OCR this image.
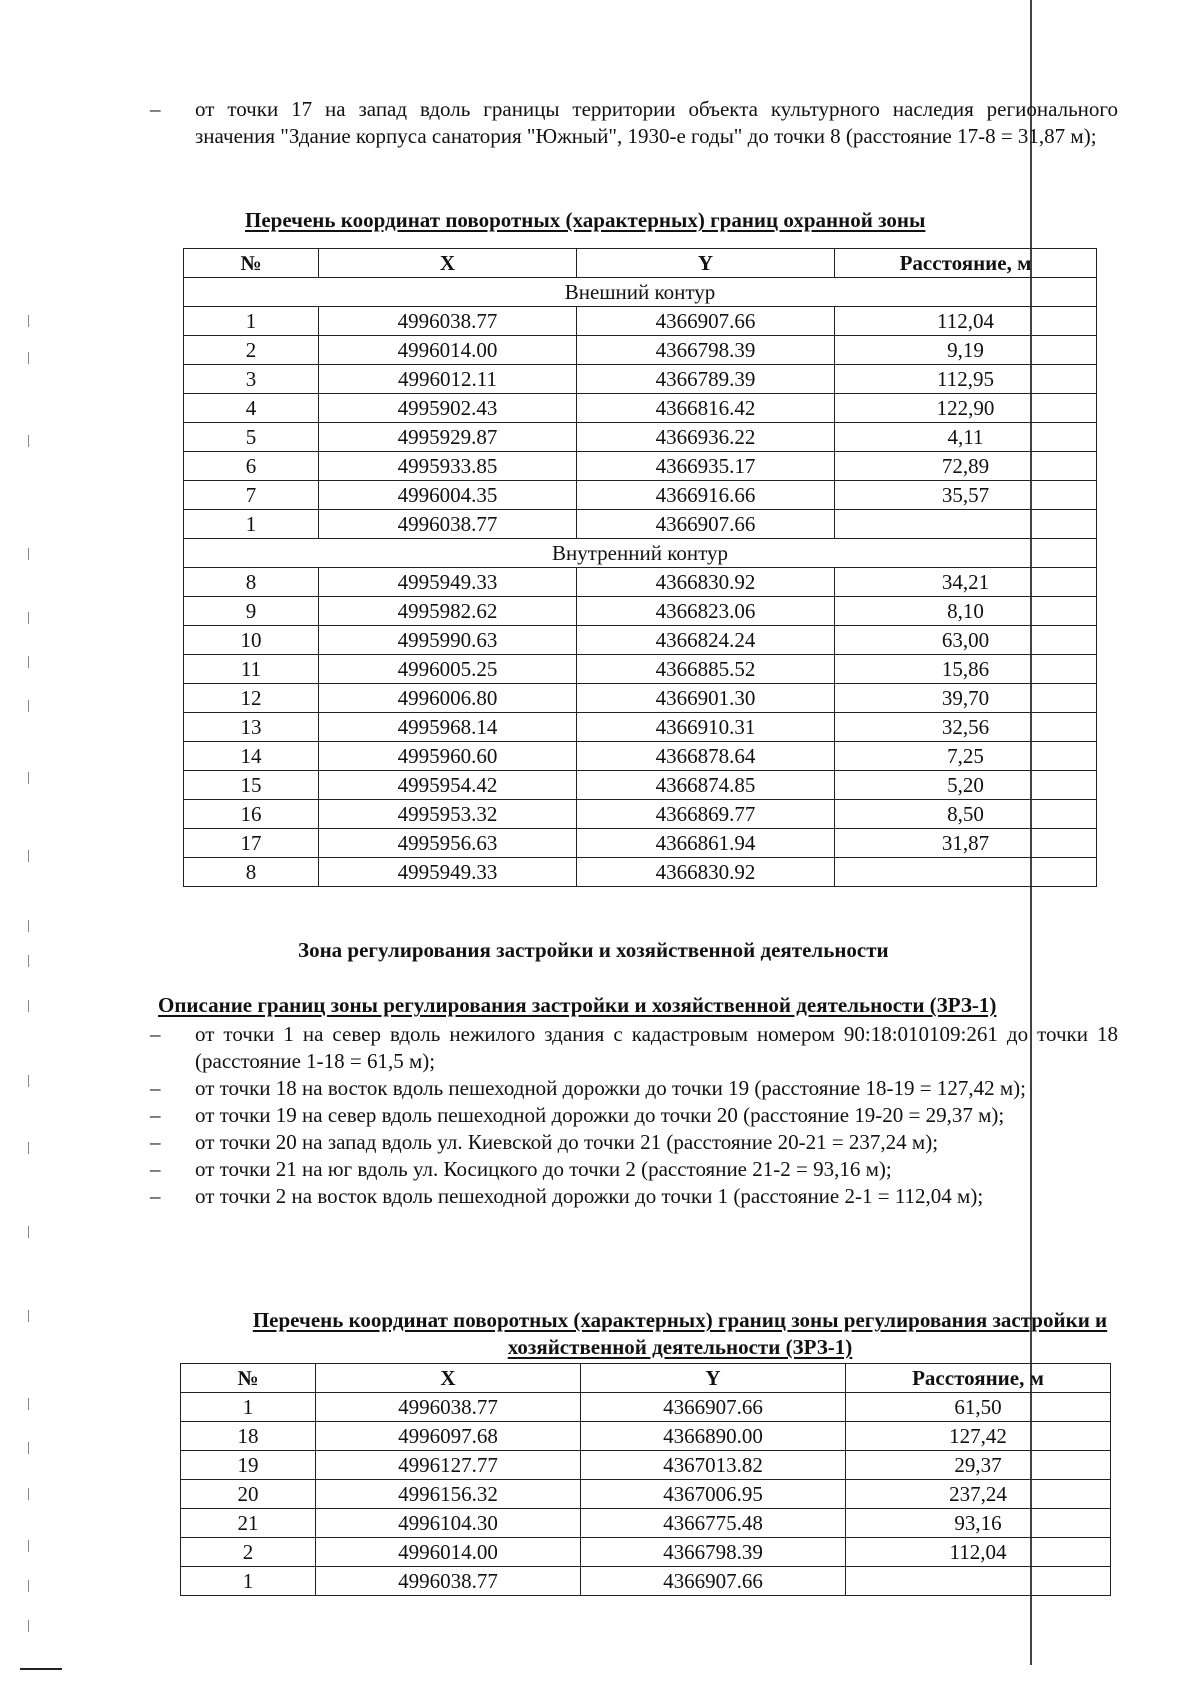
– от точки 17 на запад вдоль границы территории объекта культурного наследия регионального значения "Здание корпуса санатория "Южный", 1930-е годы" до точки 8 (расстояние 17-8 = 31,87 м);
Перечень координат поворотных (характерных) границ охранной зоны
№	X	Y	Расстояние, м
Внешний контур			
1	4996038.77	4366907.66	112,04
2	4996014.00	4366798.39	9,19
3	4996012.11	4366789.39	112,95
4	4995902.43	4366816.42	122,90
5	4995929.87	4366936.22	4,11
6	4995933.85	4366935.17	72,89
7	4996004.35	4366916.66	35,57
1	4996038.77	4366907.66	
Внутренний контур			
8	4995949.33	4366830.92	34,21
9	4995982.62	4366823.06	8,10
10	4995990.63	4366824.24	63,00
11	4996005.25	4366885.52	15,86
12	4996006.80	4366901.30	39,70
13	4995968.14	4366910.31	32,56
14	4995960.60	4366878.64	7,25
15	4995954.42	4366874.85	5,20
16	4995953.32	4366869.77	8,50
17	4995956.63	4366861.94	31,87
8	4995949.33	4366830.92	
Зона регулирования застройки и хозяйственной деятельности
Описание границ зоны регулирования застройки и хозяйственной деятельности (ЗРЗ-1)
– от точки 1 на север вдоль нежилого здания с кадастровым номером 90:18:010109:261 до точки 18 (расстояние 1-18 = 61,5 м);
– от точки 18 на восток вдоль пешеходной дорожки до точки 19 (расстояние 18-19 = 127,42 м);
– от точки 19 на север вдоль пешеходной дорожки до точки 20 (расстояние 19-20 = 29,37 м);
– от точки 20 на запад вдоль ул. Киевской до точки 21 (расстояние 20-21 = 237,24 м);
– от точки 21 на юг вдоль ул. Косицкого до точки 2 (расстояние 21-2 = 93,16 м);
– от точки 2 на восток вдоль пешеходной дорожки до точки 1 (расстояние 2-1 = 112,04 м);
Перечень координат поворотных (характерных) границ зоны регулирования застройки и хозяйственной деятельности (ЗРЗ-1)
№	X	Y	Расстояние, м
1	4996038.77	4366907.66	61,50
18	4996097.68	4366890.00	127,42
19	4996127.77	4367013.82	29,37
20	4996156.32	4367006.95	237,24
21	4996104.30	4366775.48	93,16
2	4996014.00	4366798.39	112,04
1	4996038.77	4366907.66	
